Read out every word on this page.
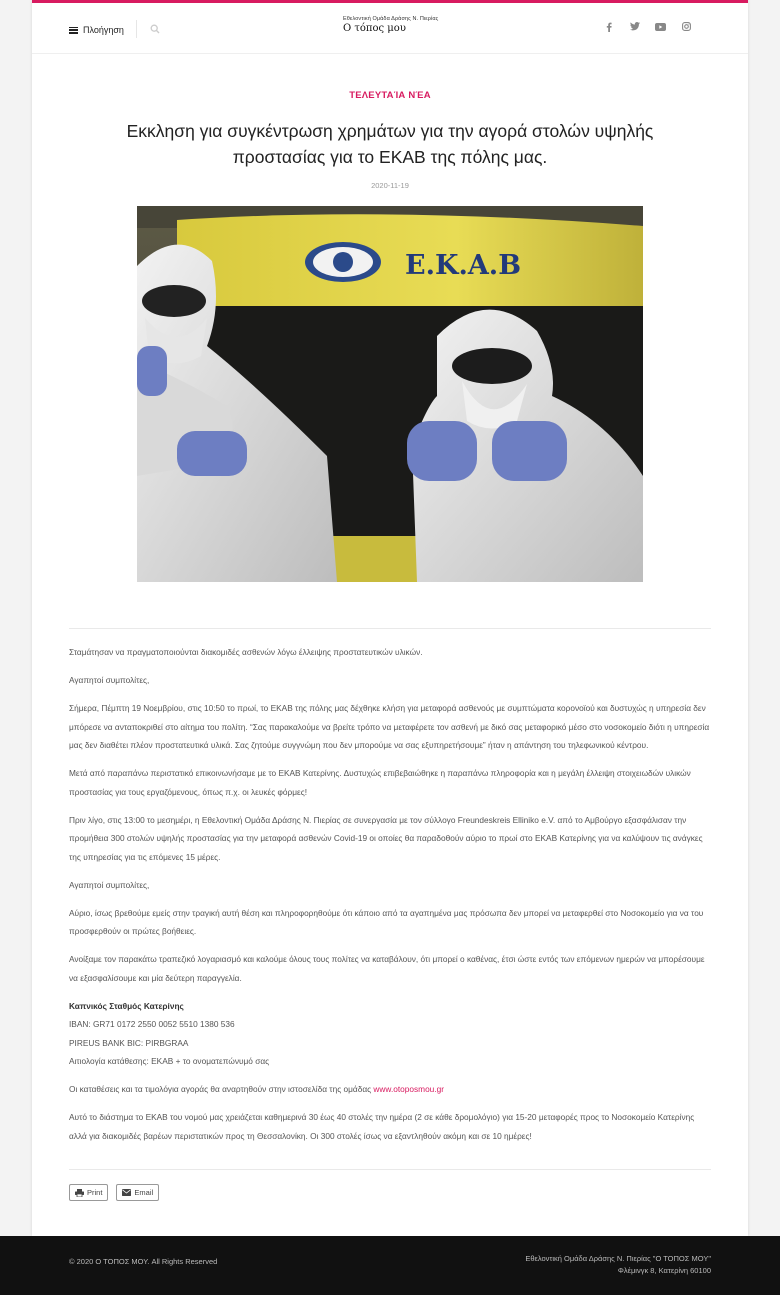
Πλοήγηση
Εθελοντική Ομάδα Δράσης Ν. Πιερίας
Ο τόπος μου
ΤΕΛΕΥΤΑΊΑ ΝΈΑ
Εκκληση για συγκέντρωση χρημάτων για την αγορά στολών υψηλής προστασίας για το ΕΚΑΒ της πόλης μας.
2020-11-19
Ε.Κ.Α.Β

Σταμάτησαν να πραγματοποιούνται διακομιδές ασθενών λόγω έλλειψης προστατευτικών υλικών.

Αγαπητοί συμπολίτες,

Σήμερα, Πέμπτη 19 Νοεμβρίου, στις 10:50 το πρωί, το ΕΚΑΒ της πόλης μας δέχθηκε κλήση για μεταφορά ασθενούς με συμπτώματα κορονοϊού και δυστυχώς η υπηρεσία δεν μπόρεσε να ανταποκριθεί στο αίτημα του πολίτη. “Σας παρακαλούμε να βρείτε τρόπο να μεταφέρετε τον ασθενή με δικό σας μεταφορικό μέσο στο νοσοκομείο διότι η υπηρεσία μας δεν διαθέτει πλέον προστατευτικά υλικά. Σας ζητούμε συγγνώμη που δεν μπορούμε να σας εξυπηρετήσουμε” ήταν η απάντηση του τηλεφωνικού κέντρου.

Μετά από παραπάνω περιστατικό επικοινωνήσαμε με το ΕΚΑΒ Κατερίνης. Δυστυχώς επιβεβαιώθηκε η παραπάνω πληροφορία και η μεγάλη έλλειψη στοιχειωδών υλικών προστασίας για τους εργαζόμενους, όπως π.χ. οι λευκές φόρμες!

Πριν λίγο, στις 13:00 το μεσημέρι, η Εθελοντική Ομάδα Δράσης Ν. Πιερίας σε συνεργασία με τον σύλλογο Freundeskreis Elliniko e.V. από το Αμβούργο εξασφάλισαν την προμήθεια 300 στολών υψηλής προστασίας για την μεταφορά ασθενών Covid-19 οι οποίες θα παραδοθούν αύριο το πρωί στο ΕΚΑΒ Κατερίνης για να καλύψουν τις ανάγκες της υπηρεσίας για τις επόμενες 15 μέρες.

Αγαπητοί συμπολίτες,

Αύριο, ίσως βρεθούμε εμείς στην τραγική αυτή θέση και πληροφορηθούμε ότι κάποιο από τα αγαπημένα μας πρόσωπα δεν μπορεί να μεταφερθεί στο Νοσοκομείο για να του προσφερθούν οι πρώτες βοήθειες.

Ανοίξαμε τον παρακάτω τραπεζικό λογαριασμό και καλούμε όλους τους πολίτες να καταβάλουν, ότι μπορεί ο καθένας, έτσι ώστε εντός των επόμενων ημερών να μπορέσουμε να εξασφαλίσουμε και μία δεύτερη παραγγελία.

Καπνικός Σταθμός Κατερίνης
IBAN: GR71 0172 2550 0052 5510 1380 536
PIREUS BANK BIC: PIRBGRAA
Αιτιολογία κατάθεσης: ΕΚΑΒ + το ονοματεπώνυμό σας

Οι καταθέσεις και τα τιμολόγια αγοράς θα αναρτηθούν στην ιστοσελίδα της ομάδας www.otoposmou.gr

Αυτό το διάστημα το ΕΚΑΒ του νομού μας χρειάζεται καθημερινά 30 έως 40 στολές την ημέρα (2 σε κάθε δρομολόγιο) για 15-20 μεταφορές προς το Νοσοκομείο Κατερίνης αλλά για διακομιδές βαρέων περιστατικών προς τη Θεσσαλονίκη. Οι 300 στολές ίσως να εξαντληθούν ακόμη και σε 10 ημέρες!

Print	Email
© 2020 Ο ΤΟΠΟΣ ΜΟΥ. All Rights Reserved	Εθελοντική Ομάδα Δράσης Ν. Πιερίας "Ο ΤΟΠΟΣ ΜΟΥ"
Φλέμινγκ 8, Κατερίνη 60100
